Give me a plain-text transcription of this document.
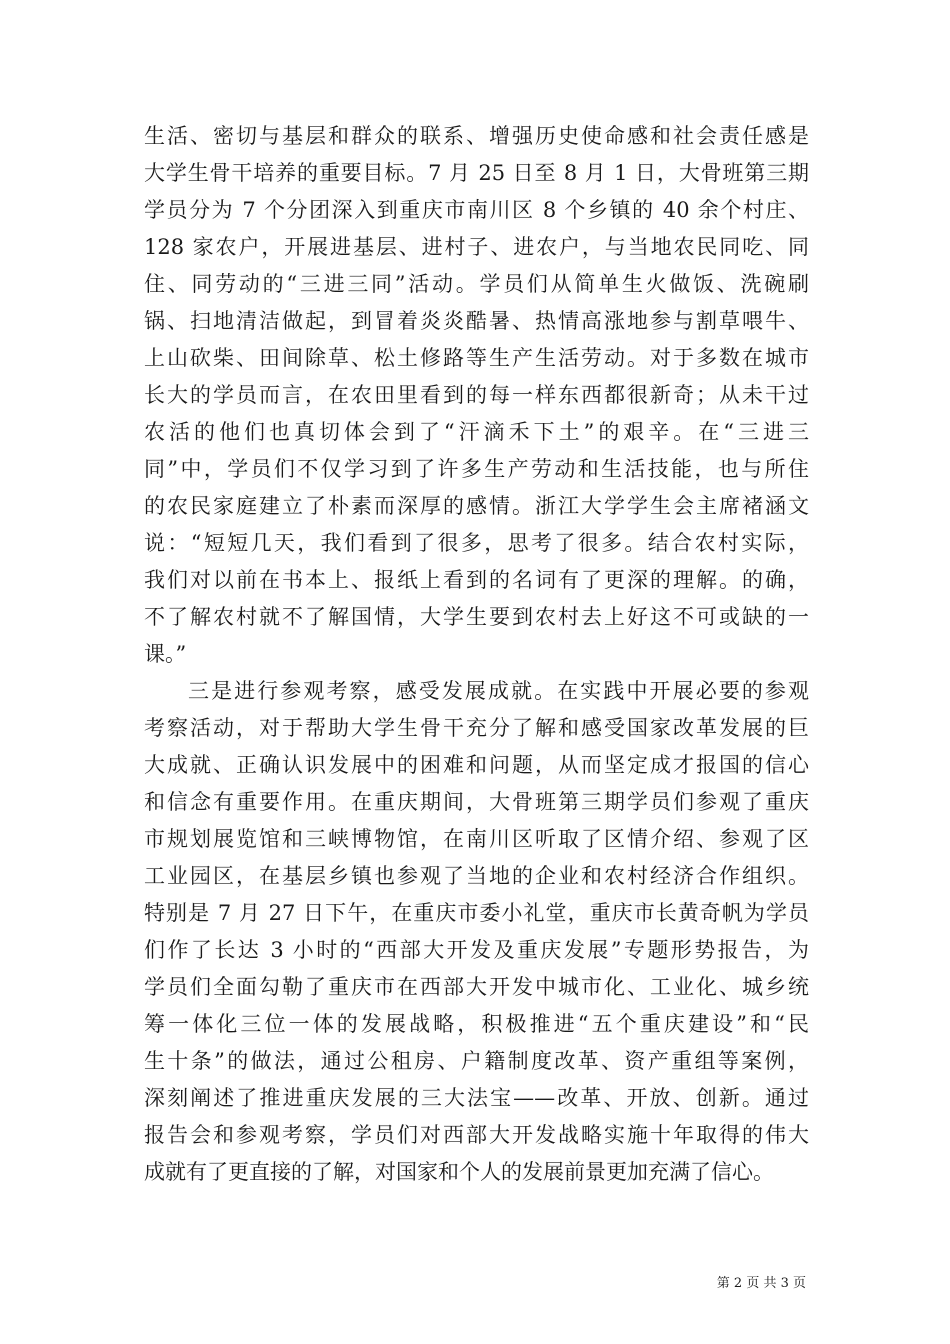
生活、密切与基层和群众的联系、增强历史使命感和社会责任感是
大学生骨干培养的重要目标。7 月 25 日至 8 月 1 日，大骨班第三期
学员分为 7 个分团深入到重庆市南川区 8 个乡镇的 40 余个村庄、
128 家农户，开展进基层、进村子、进农户，与当地农民同吃、同
住、同劳动的“三进三同”活动。学员们从简单生火做饭、洗碗刷
锅、扫地清洁做起，到冒着炎炎酷暑、热情高涨地参与割草喂牛、
上山砍柴、田间除草、松土修路等生产生活劳动。对于多数在城市
长大的学员而言，在农田里看到的每一样东西都很新奇；从未干过
农活的他们也真切体会到了“汗滴禾下土”的艰辛。在“三进三
同”中，学员们不仅学习到了许多生产劳动和生活技能，也与所住
的农民家庭建立了朴素而深厚的感情。浙江大学学生会主席褚涵文
说：“短短几天，我们看到了很多，思考了很多。结合农村实际，
我们对以前在书本上、报纸上看到的名词有了更深的理解。的确，
不了解农村就不了解国情，大学生要到农村去上好这不可或缺的一
课。”
三是进行参观考察，感受发展成就。在实践中开展必要的参观
考察活动，对于帮助大学生骨干充分了解和感受国家改革发展的巨
大成就、正确认识发展中的困难和问题，从而坚定成才报国的信心
和信念有重要作用。在重庆期间，大骨班第三期学员们参观了重庆
市规划展览馆和三峡博物馆，在南川区听取了区情介绍、参观了区
工业园区，在基层乡镇也参观了当地的企业和农村经济合作组织。
特别是 7 月 27 日下午，在重庆市委小礼堂，重庆市长黄奇帆为学员
们作了长达 3 小时的“西部大开发及重庆发展”专题形势报告，为
学员们全面勾勒了重庆市在西部大开发中城市化、工业化、城乡统
筹一体化三位一体的发展战略，积极推进“五个重庆建设”和“民
生十条”的做法，通过公租房、户籍制度改革、资产重组等案例，
深刻阐述了推进重庆发展的三大法宝——改革、开放、创新。通过
报告会和参观考察，学员们对西部大开发战略实施十年取得的伟大
成就有了更直接的了解，对国家和个人的发展前景更加充满了信心。
第 2 页 共 3 页
